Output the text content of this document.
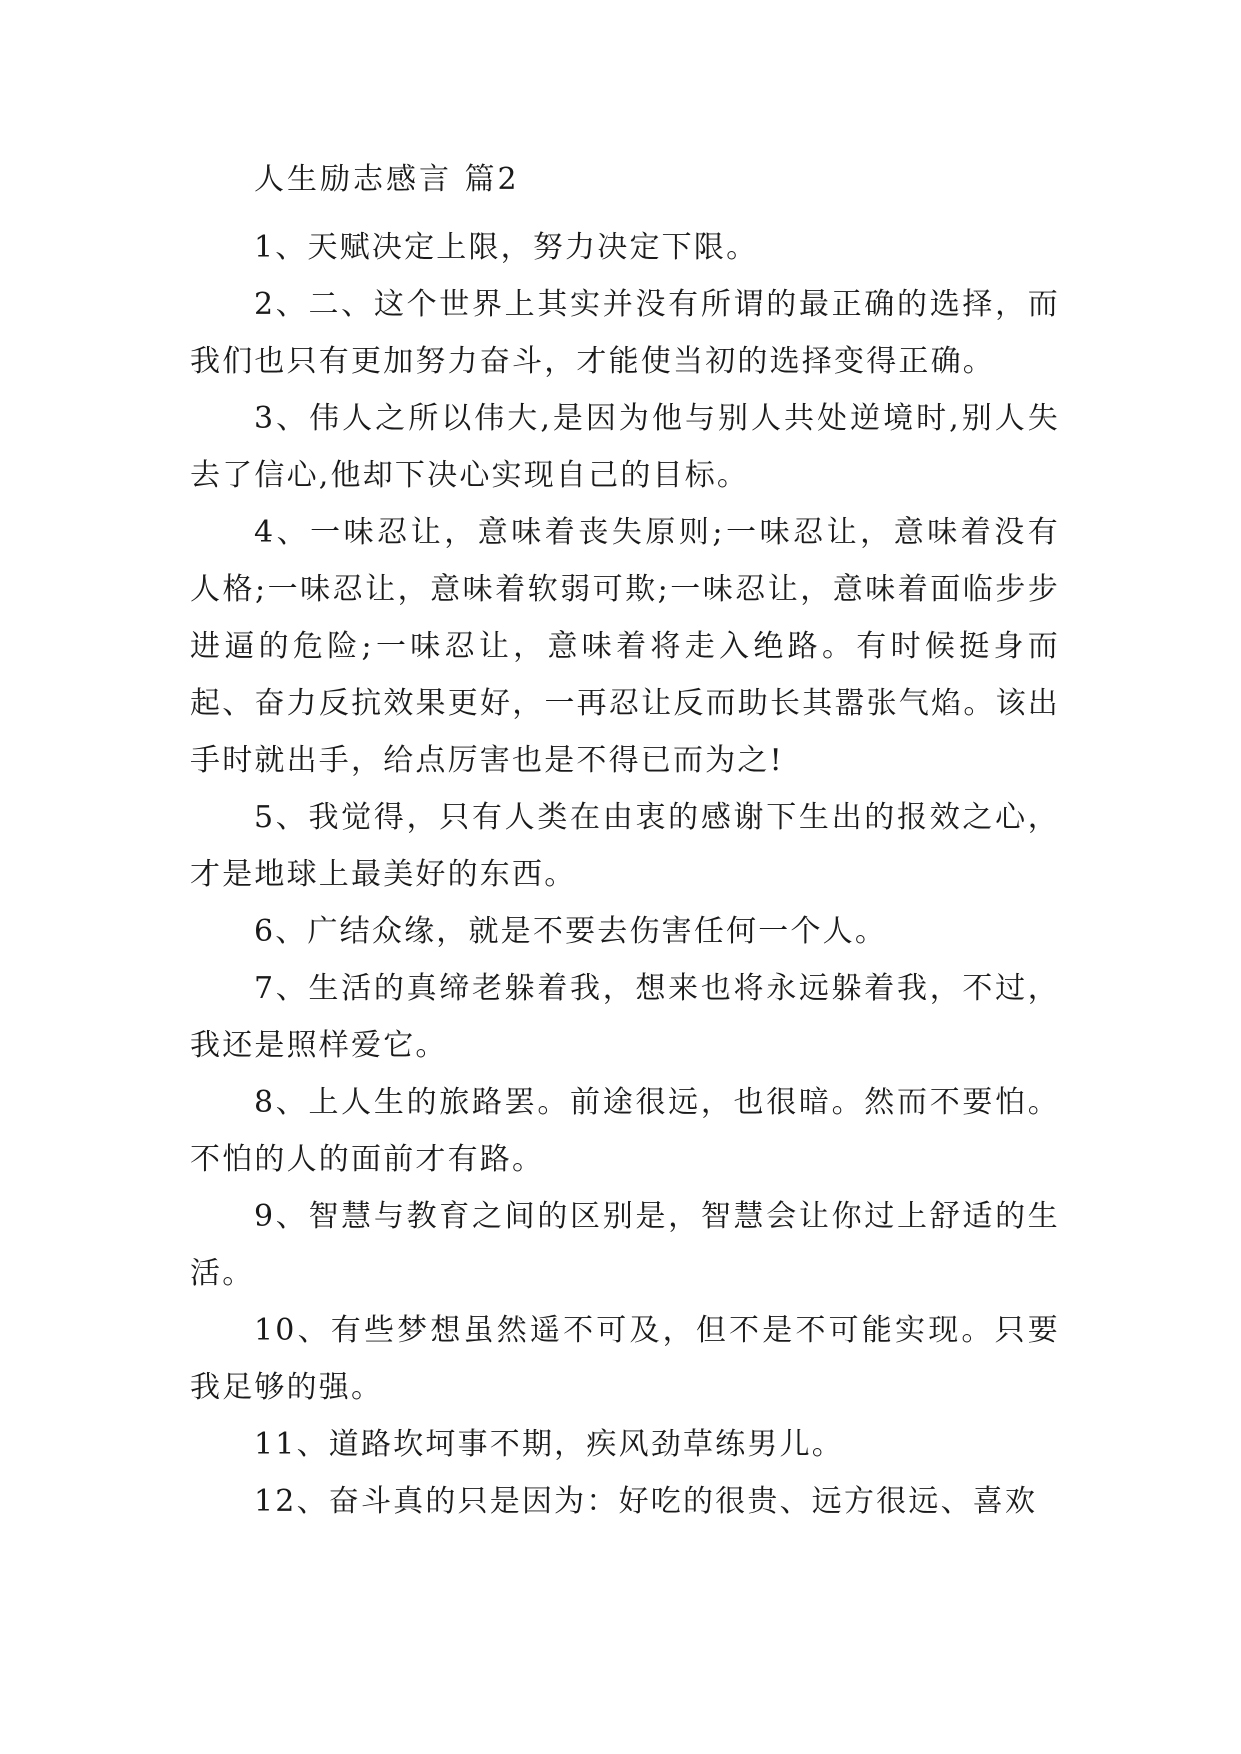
人生励志感言 篇2

1、天赋决定上限，努力决定下限。

2、二、这个世界上其实并没有所谓的最正确的选择，而我们也只有更加努力奋斗，才能使当初的选择变得正确。

3、伟人之所以伟大,是因为他与别人共处逆境时,别人失去了信心,他却下决心实现自己的目标。

4、一味忍让，意味着丧失原则;一味忍让，意味着没有人格;一味忍让，意味着软弱可欺;一味忍让，意味着面临步步进逼的危险;一味忍让，意味着将走入绝路。有时候挺身而起、奋力反抗效果更好，一再忍让反而助长其嚣张气焰。该出手时就出手，给点厉害也是不得已而为之!

5、我觉得，只有人类在由衷的感谢下生出的报效之心，才是地球上最美好的东西。

6、广结众缘，就是不要去伤害任何一个人。

7、生活的真缔老躲着我，想来也将永远躲着我，不过，我还是照样爱它。

8、上人生的旅路罢。前途很远，也很暗。然而不要怕。不怕的人的面前才有路。

9、智慧与教育之间的区别是，智慧会让你过上舒适的生活。

10、有些梦想虽然遥不可及，但不是不可能实现。只要我足够的强。

11、道路坎坷事不期，疾风劲草练男儿。

12、奋斗真的只是因为：好吃的很贵、远方很远、喜欢
